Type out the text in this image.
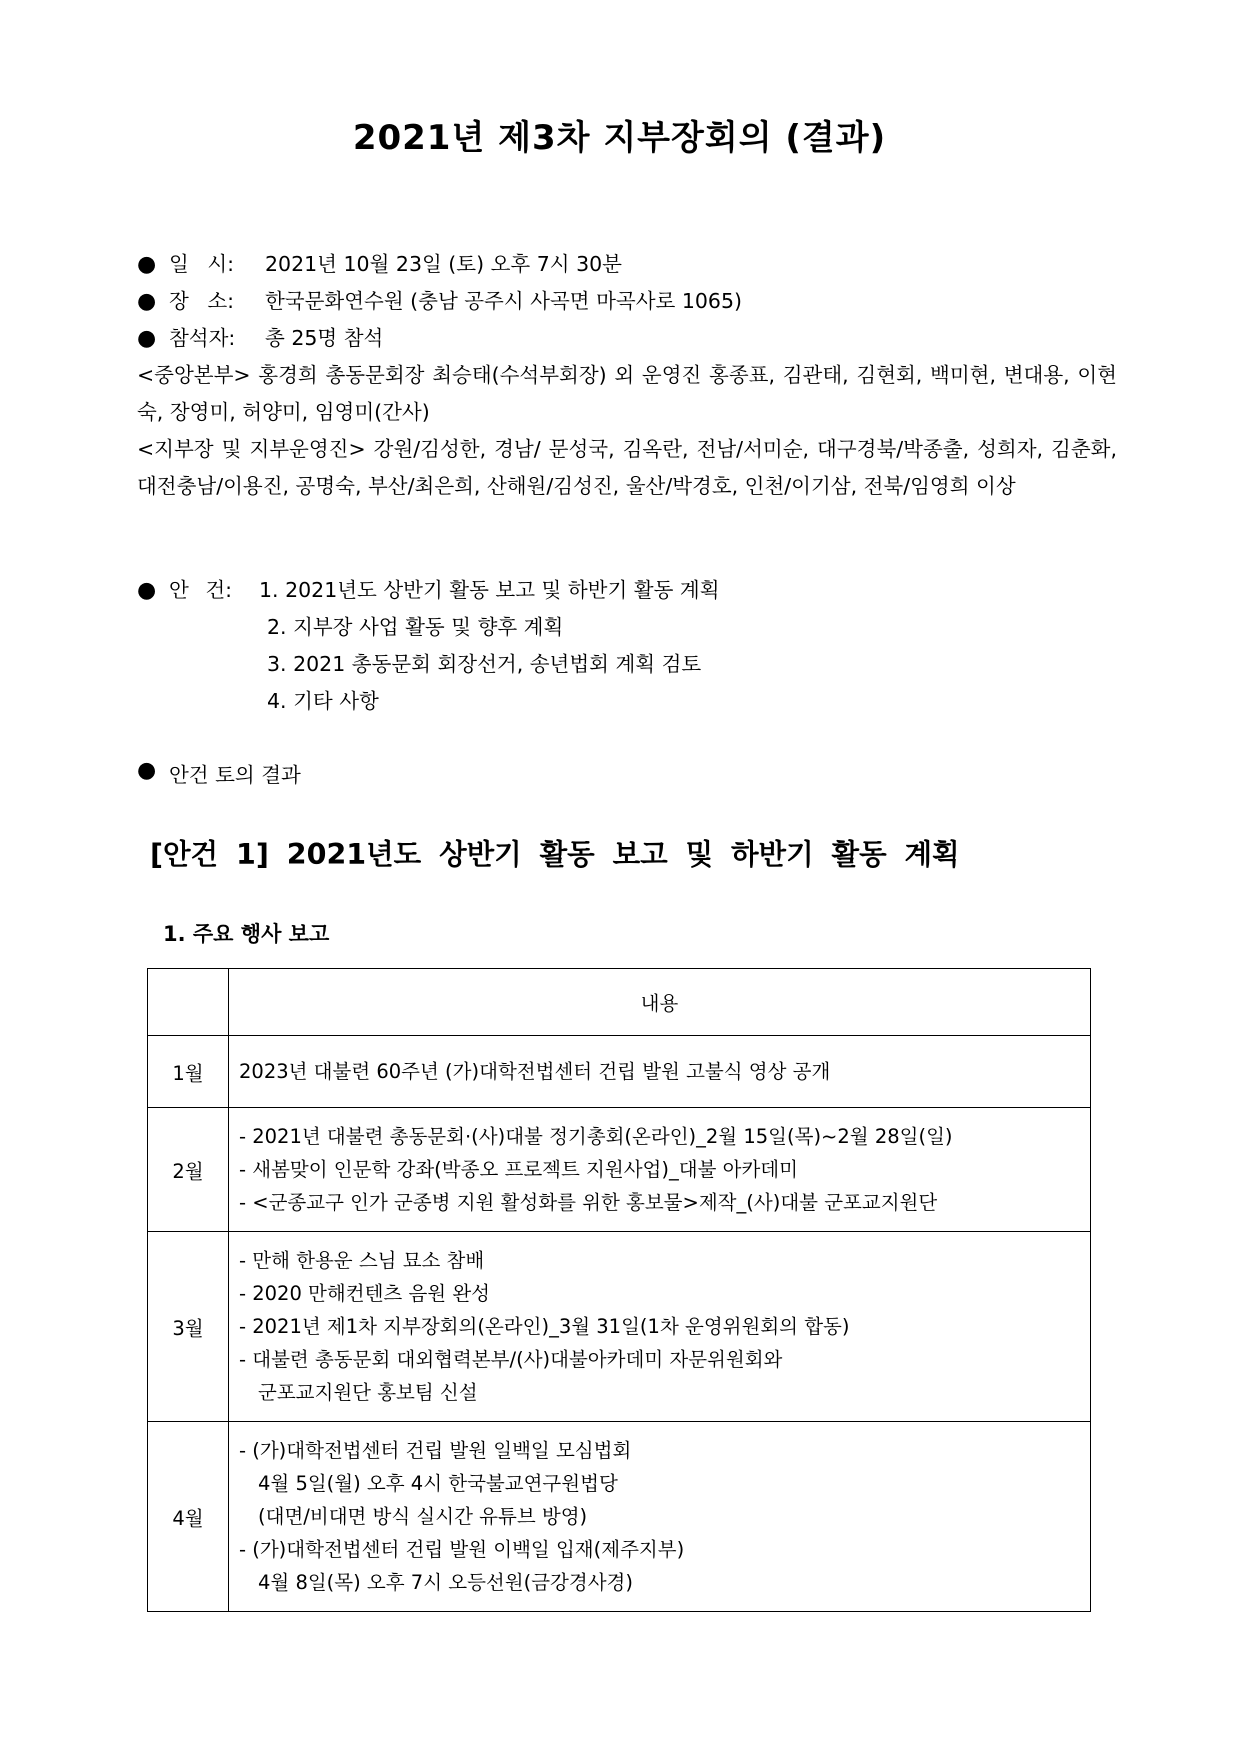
2021년 제3차 지부장회의 (결과)
● 일 시:	2021년 10월 23일 (토) 오후 7시 30분
● 장 소:	한국문화연수원 (충남 공주시 사곡면 마곡사로 1065)
● 참석자:	총 25명 참석

<중앙본부> 홍경희 총동문회장 최승태(수석부회장) 외 운영진 홍종표, 김관태, 김현회, 백미현, 변대용, 이현숙, 장영미, 허양미, 임영미(간사)

<지부장 및 지부운영진> 강원/김성한, 경남/ 문성국, 김옥란, 전남/서미순, 대구경북/박종출, 성희자, 김춘화, 대전충남/이용진, 공명숙, 부산/최은희, 산해원/김성진, 울산/박경호, 인천/이기삼, 전북/임영희 이상

● 안 건:	1. 2021년도 상반기 활동 보고 및 하반기 활동 계획
2. 지부장 사업 활동 및 향후 계획
3. 2021 총동문회 회장선거, 송년법회 계획 검토
4. 기타 사항
● 안건 토의 결과
[안건 1] 2021년도 상반기 활동 보고 및 하반기 활동 계획
1. 주요 행사 보고
	내용
1월	2023년 대불련 60주년 (가)대학전법센터 건립 발원 고불식 영상 공개

2월	- 2021년 대불련 총동문회·(사)대불 정기총회(온라인)_2월 15일(목)~2월 28일(일)
- 새봄맞이 인문학 강좌(박종오 프로젝트 지원사업)_대불 아카데미
- <군종교구 인가 군종병 지원 활성화를 위한 홍보물>제작_(사)대불 군포교지원단

3월	- 만해 한용운 스님 묘소 참배
- 2020 만해컨텐츠 음원 완성
- 2021년 제1차 지부장회의(온라인)_3월 31일(1차 운영위원회의 합동)
- 대불련 총동문회 대외협력본부/(사)대불아카데미 자문위원회와
군포교지원단 홍보팀 신설

4월	- (가)대학전법센터 건립 발원 일백일 모심법회
4월 5일(월) 오후 4시 한국불교연구원법당
(대면/비대면 방식 실시간 유튜브 방영)
- (가)대학전법센터 건립 발원 이백일 입재(제주지부)
4월 8일(목) 오후 7시 오등선원(금강경사경)
